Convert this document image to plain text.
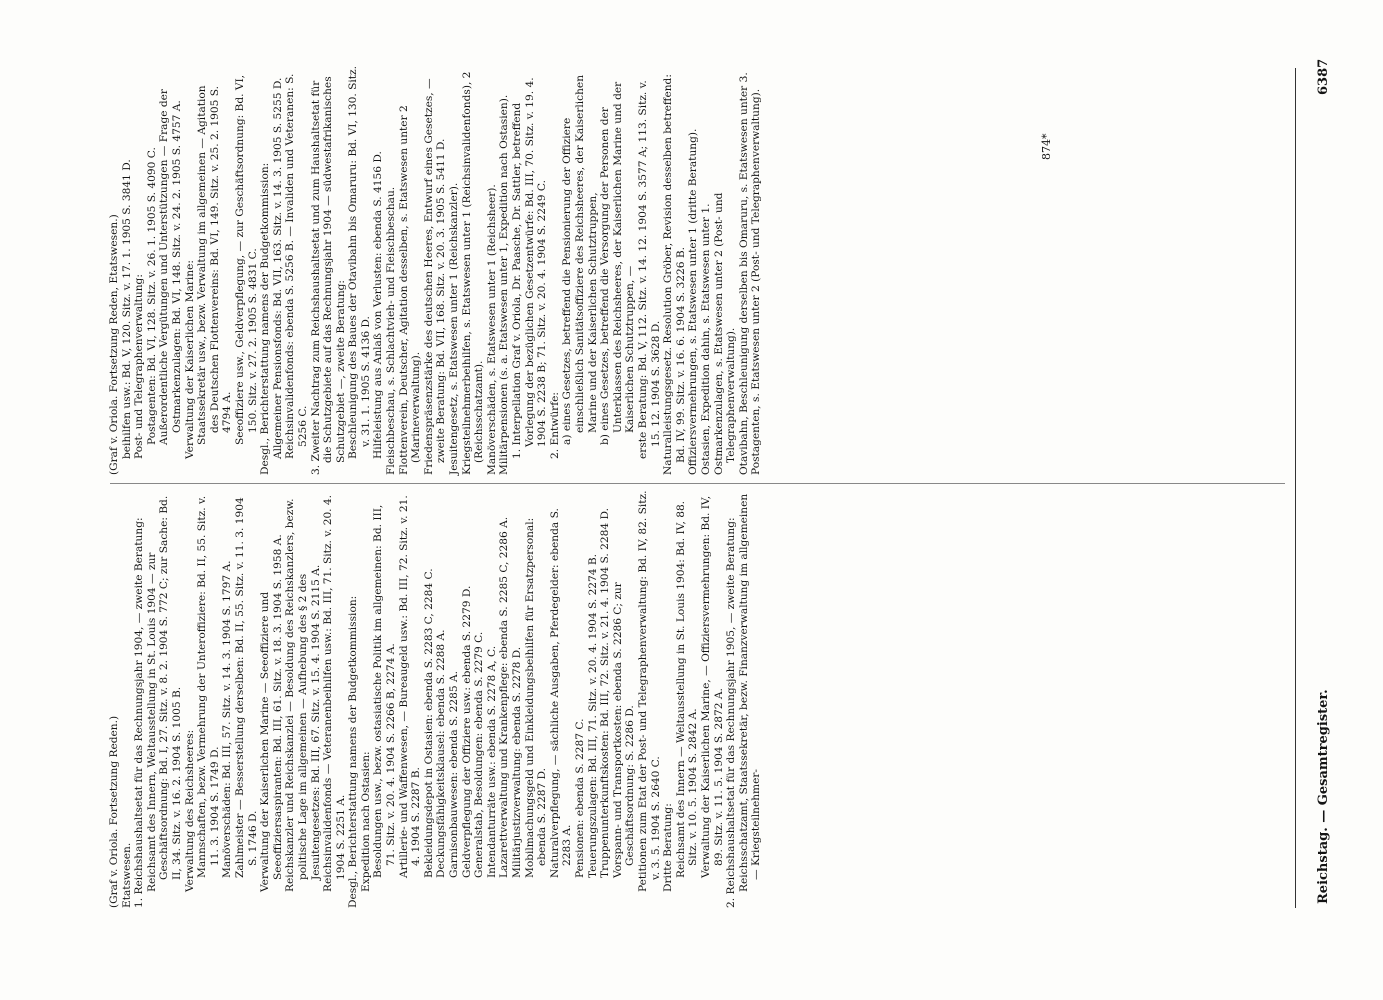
Reichstag. — Gesamtregister.
6387

(Graf v. Oriola. Fortsetzung Reden.) Etatswesen. 1. Reichshaushaltsetat für das Rechnungsjahr 1904, — zweite Beratung: Reichsamt des Innern, Weltausstellung in St. Louis 1904 — zur Geschäftsordnung: Bd. I, 27. Sitz. v. 8. 2. 1904 S. 772 C; zur Sache: Bd. II, 34. Sitz. v. 16. 2. 1904 S. 1005 B. Verwaltung des Reichsheeres: Mannschaften, bezw. Vermehrung der Unteroffiziere: Bd. II, 55. Sitz. v. 11. 3. 1904 S. 1749 D. Manöverschäden: Bd. III, 57. Sitz. v. 14. 3. 1904 S. 1797 A. Zahlmeister — Besserstellung derselben: Bd. II, 55. Sitz. v. 11. 3. 1904 S. 1746 D. Verwaltung der Kaiserlichen Marine — Seeoffiziere und Seeoffiziersaspiranten: Bd. III, 61. Sitz. v. 18. 3. 1904 S. 1958 A. Reichskanzler und Reichskanzlei — Besoldung des Reichskanzlers, bezw. politische Lage im allgemeinen — Aufhebung des § 2 des Jesuitengesetzes: Bd. III, 67. Sitz. v. 15. 4. 1904 S. 2115 A. Reichsinvalidenfonds — Veteranenbeihilfen usw.: Bd. III, 71. Sitz. v. 20. 4. 1904 S. 2251 A. Desgl., Berichterstattung namens der Budgetkommission: Expedition nach Ostasien: Besoldungen usw., bezw. ostasiatische Politik im allgemeinen: Bd. III, 71. Sitz. v. 20. 4. 1904 S. 2266 B, 2274 A. Artillerie- und Waffenwesen, — Bureaugeld usw.: Bd. III, 72. Sitz. v. 21. 4. 1904 S. 2287 B. Bekleidungsdepot in Ostasien: ebenda S. 2283 C, 2284 C. Deckungsfähigkeitsklausel: ebenda S. 2288 A. Garnisonbauwesen: ebenda S. 2285 A. Geldverpflegung der Offiziere usw.: ebenda S. 2279 D. Generalstab, Besoldungen: ebenda S. 2279 C. Intendanturräte usw.: ebenda S. 2278 A, C. Lazarettverwaltung und Krankenpflege: ebenda S. 2285 C, 2286 A. Militärjustizverwaltung: ebenda S. 2278 D. Mobilmachungsgeld und Einkleidungsbeihilfen für Ersatzpersonal: ebenda S. 2287 D. Naturalverpflegung, — sächliche Ausgaben, Pferdegelder: ebenda S. 2283 A. Pensionen: ebenda S. 2287 C. Teuerungszulagen: Bd. III, 71. Sitz. v. 20. 4. 1904 S. 2274 B. Truppenunterkunftskosten: Bd. III, 72. Sitz. v. 21. 4. 1904 S. 2284 D. Vorspann- und Transportkosten: ebenda S. 2286 C; zur Geschäftsordnung: S. 2286 D. Petitionen zum Etat der Post- und Telegraphenverwaltung: Bd. IV, 82. Sitz. v. 3. 5. 1904 S. 2640 C. Dritte Beratung: Reichsamt des Innern — Weltausstellung in St. Louis 1904: Bd. IV, 88. Sitz. v. 10. 5. 1904 S. 2842 A. Verwaltung der Kaiserlichen Marine, — Offiziersvermehrungen: Bd. IV, 89. Sitz. v. 11. 5. 1904 S. 2872 A. 2. Reichshaushaltsetat für das Rechnungsjahr 1905, — zweite Beratung: Reichsschatzamt, Staatssekretär, bezw. Finanzverwaltung im allgemeinen — Kriegsteilnehmer-

(Graf v. Oriola. Fortsetzung Reden, Etatswesen.) beihilfen usw.: Bd. V, 120. Sitz. v. 17. 1. 1905 S. 3841 D. Post- und Telegraphenverwaltung: Postagenten: Bd. VI, 128. Sitz. v. 26. 1. 1905 S. 4090 C. Außerordentliche Vergütungen und Unterstützungen — Frage der Ostmarkenzulagen: Bd. VI, 148. Sitz. v. 24. 2. 1905 S. 4757 A. Verwaltung der Kaiserlichen Marine: Staatssekretär usw., bezw. Verwaltung im allgemeinen — Agitation des Deutschen Flottenvereins: Bd. VI, 149. Sitz. v. 25. 2. 1905 S. 4794 A. Seeoffiziere usw., Geldverpflegung, — zur Geschäftsordnung: Bd. VI, 150. Sitz. v. 27. 2. 1905 S. 4831 C. Desgl., Berichterstattung namens der Budgetkommission: Allgemeiner Pensionsfonds: Bd. VII, 163. Sitz. v. 14. 3. 1905 S. 5255 D. Reichsinvalidenfonds: ebenda S. 5256 B. — Invaliden und Veteranen: S. 5256 C. 3. Zweiter Nachtrag zum Reichshaushaltsetat und zum Haushaltsetat für die Schutzgebiete auf das Rechnungsjahr 1904 — südwestafrikanisches Schutzgebiet —, zweite Beratung: Beschleunigung des Baues der Otavibahn bis Omaruru: Bd. VI, 130. Sitz. v. 31. 1. 1905 S. 4136 D. Hilfeleistung aus Anlaß von Verlusten: ebenda S. 4156 D. Fleischbeschau, s. Schlachtvieh- und Fleischbeschau. Flottenverein, Deutscher, Agitation desselben, s. Etatswesen unter 2 (Marineverwaltung). Friedenspräsenzstärke des deutschen Heeres, Entwurf eines Gesetzes, — zweite Beratung: Bd. VII, 168. Sitz. v. 20. 3. 1905 S. 5411 D. Jesuitengesetz, s. Etatswesen unter 1 (Reichskanzler). Kriegsteilnehmerbeihilfen, s. Etatswesen unter 1 (Reichsinvalidenfonds), 2 (Reichsschatzamt). Manöverschäden, s. Etatswesen unter 1 (Reichsheer). Militärpensionen (s. a. Etatswesen unter 1, Expedition nach Ostasien). 1. Interpellation Graf v. Oriola, Dr. Paasche, Dr. Sattler, betreffend Vorlegung der bezüglichen Gesetzentwürfe: Bd. III, 70. Sitz. v. 19. 4. 1904 S. 2238 B; 71. Sitz. v. 20. 4. 1904 S. 2249 C. 2. Entwürfe: a) eines Gesetzes, betreffend die Pensionierung der Offiziere einschließlich Sanitätsoffiziere des Reichsheeres, der Kaiserlichen Marine und der Kaiserlichen Schutztruppen, b) eines Gesetzes, betreffend die Versorgung der Personen der Unterklassen des Reichsheeres, der Kaiserlichen Marine und der Kaiserlichen Schutztruppen, — erste Beratung: Bd. V, 112. Sitz. v. 14. 12. 1904 S. 3577 A; 113. Sitz. v. 15. 12. 1904 S. 3628 D. Naturalleistungsgesetz. Resolution Gröber, Revision desselben betreffend: Bd. IV, 99. Sitz. v. 16. 6. 1904 S. 3226 B. Offiziersvermehrungen, s. Etatswesen unter 1 (dritte Beratung). Ostasien, Expedition dahin, s. Etatswesen unter 1. Ostmarkenzulagen, s. Etatswesen unter 2 (Post- und Telegraphenverwaltung). Otavibahn, Beschleunigung derselben bis Omaruru, s. Etatswesen unter 3. Postagenten, s. Etatswesen unter 2 (Post- und Telegraphenverwaltung).	874*
